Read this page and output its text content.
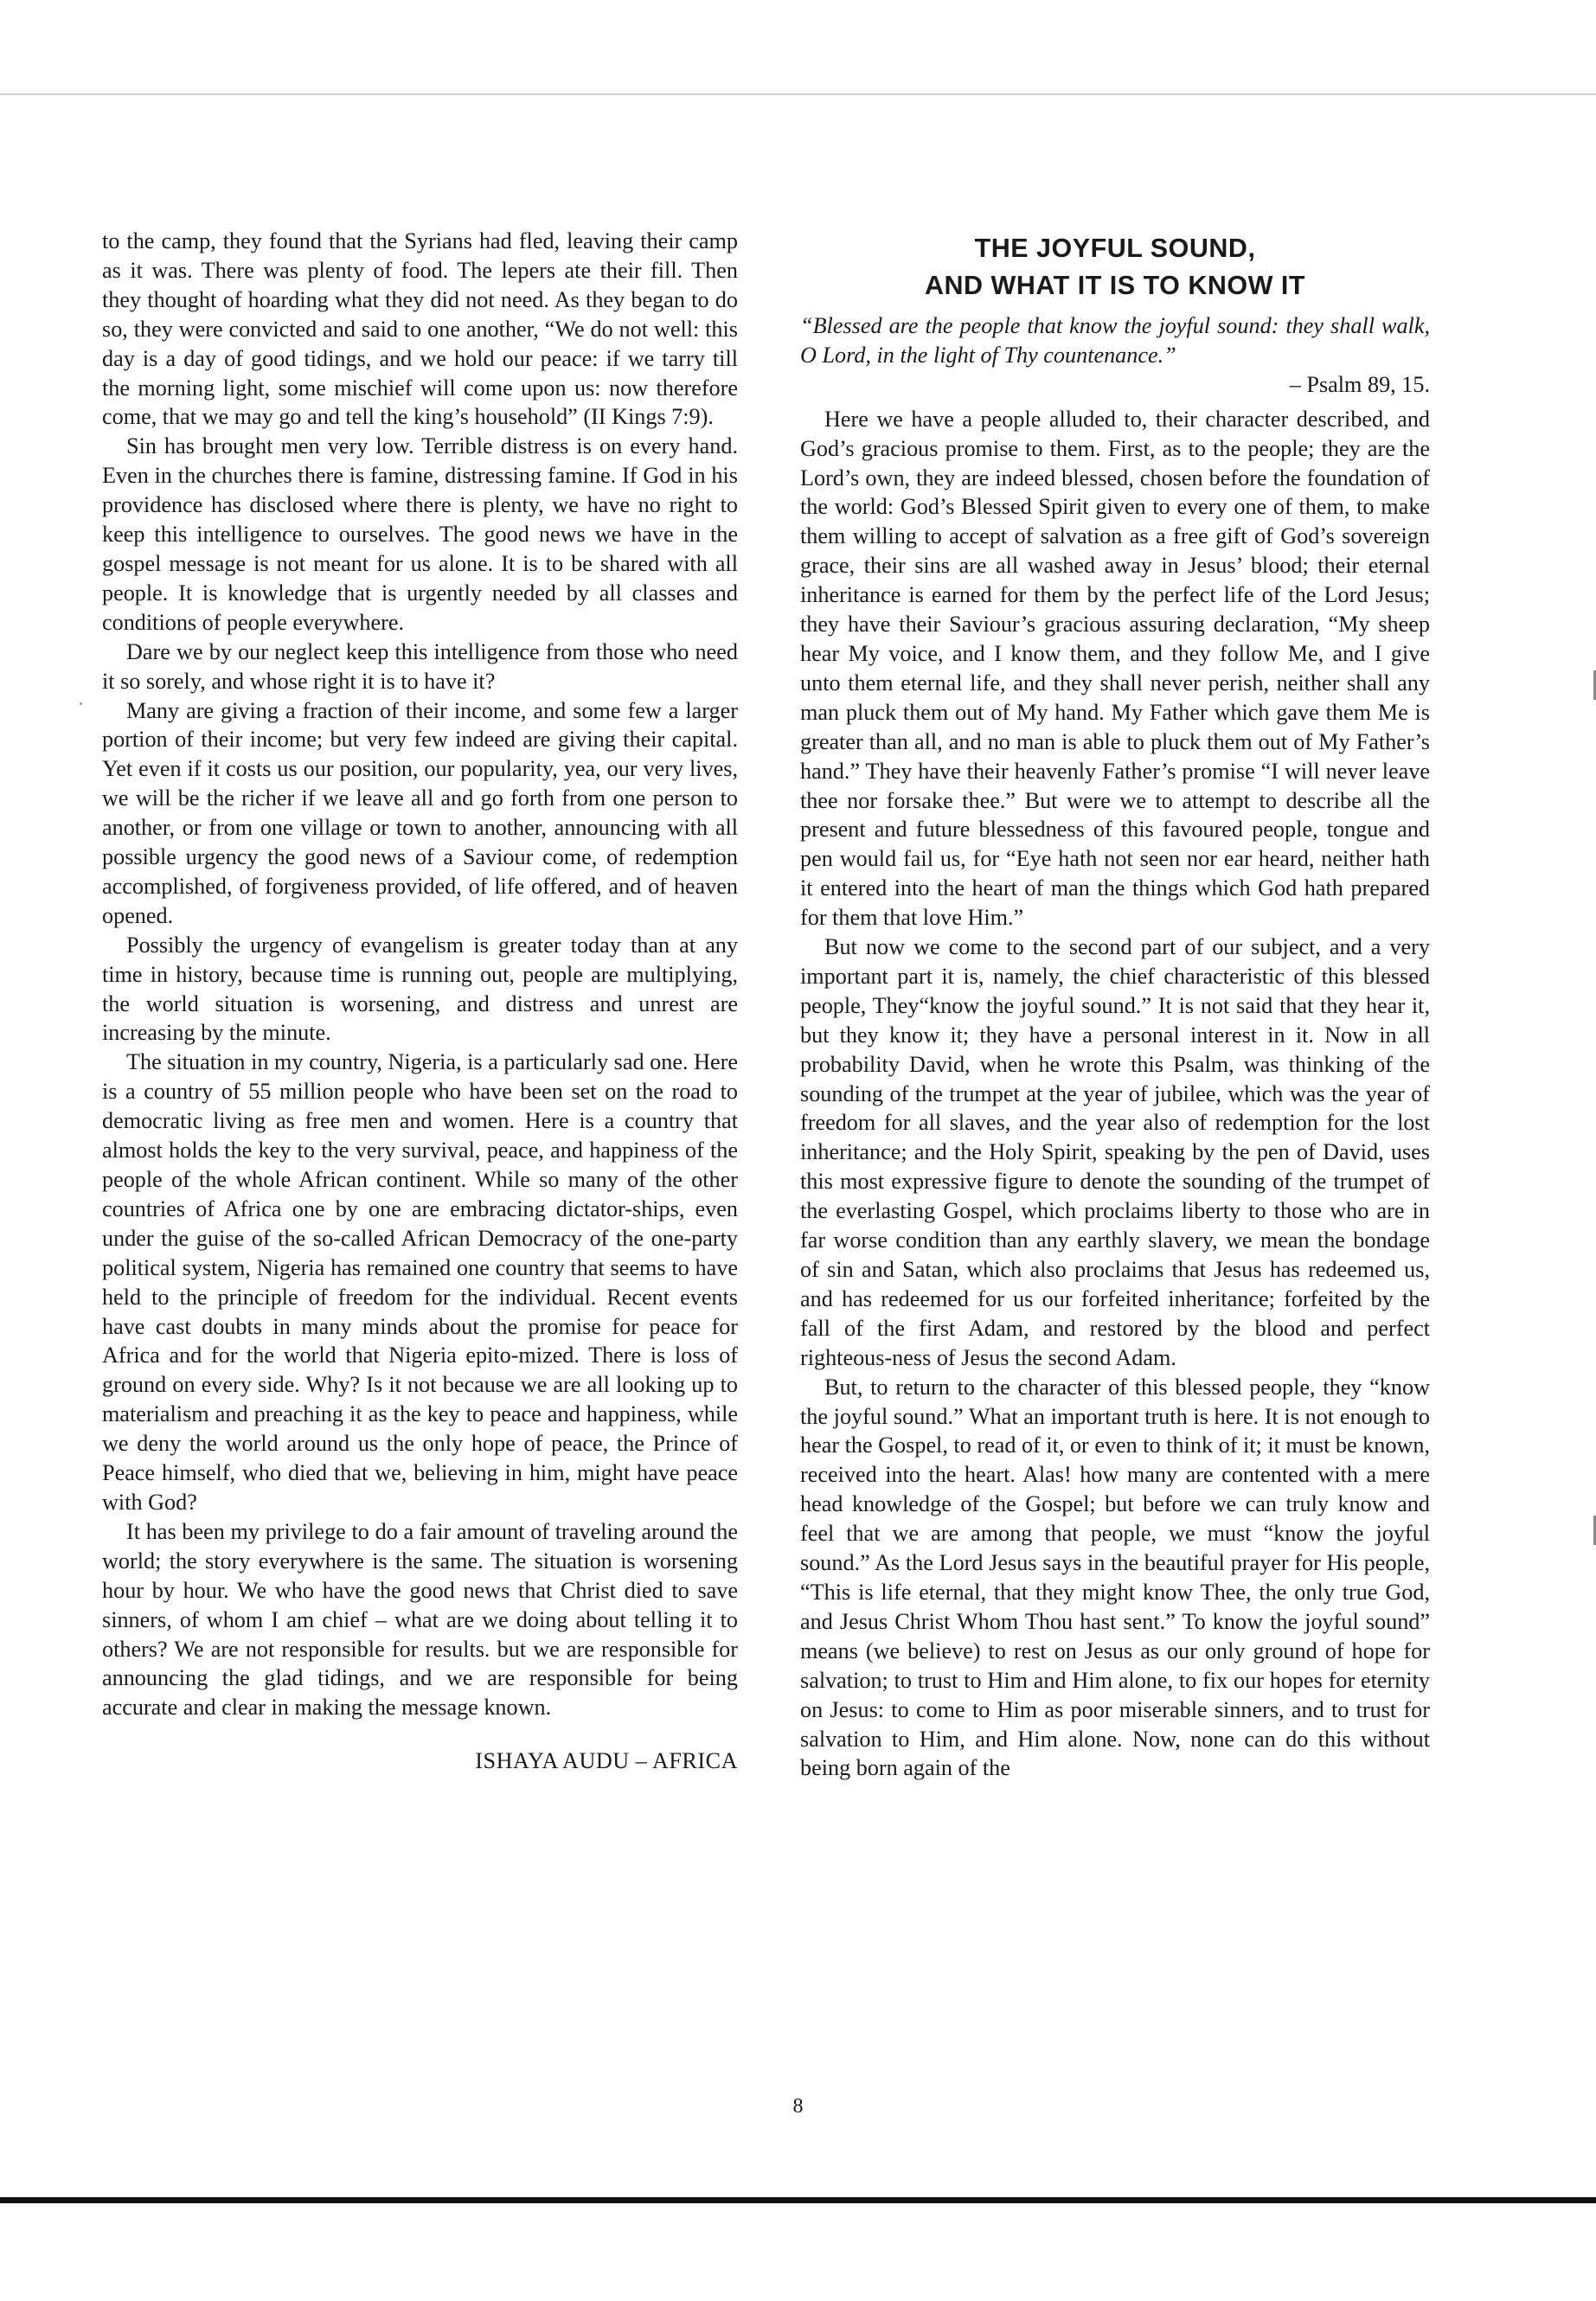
to the camp, they found that the Syrians had fled, leaving their camp as it was. There was plenty of food. The lepers ate their fill. Then they thought of hoarding what they did not need. As they began to do so, they were convicted and said to one another, “We do not well: this day is a day of good tidings, and we hold our peace: if we tarry till the morning light, some mischief will come upon us: now therefore come, that we may go and tell the king’s household” (II Kings 7:9).

Sin has brought men very low. Terrible distress is on every hand. Even in the churches there is famine, distressing famine. If God in his providence has disclosed where there is plenty, we have no right to keep this intelligence to ourselves. The good news we have in the gospel message is not meant for us alone. It is to be shared with all people. It is knowledge that is urgently needed by all classes and conditions of people everywhere.

Dare we by our neglect keep this intelligence from those who need it so sorely, and whose right it is to have it?

Many are giving a fraction of their income, and some few a larger portion of their income; but very few indeed are giving their capital. Yet even if it costs us our position, our popularity, yea, our very lives, we will be the richer if we leave all and go forth from one person to another, or from one village or town to another, announcing with all possible urgency the good news of a Saviour come, of redemption accomplished, of forgiveness provided, of life offered, and of heaven opened.

Possibly the urgency of evangelism is greater today than at any time in history, because time is running out, people are multiplying, the world situation is worsening, and distress and unrest are increasing by the minute.

The situation in my country, Nigeria, is a particularly sad one. Here is a country of 55 million people who have been set on the road to democratic living as free men and women. Here is a country that almost holds the key to the very survival, peace, and happiness of the people of the whole African continent. While so many of the other countries of Africa one by one are embracing dictator-ships, even under the guise of the so-called African Democracy of the one-party political system, Nigeria has remained one country that seems to have held to the principle of freedom for the individual. Recent events have cast doubts in many minds about the promise for peace for Africa and for the world that Nigeria epito-mized. There is loss of ground on every side. Why? Is it not because we are all looking up to materialism and preaching it as the key to peace and happiness, while we deny the world around us the only hope of peace, the Prince of Peace himself, who died that we, believing in him, might have peace with God?

It has been my privilege to do a fair amount of traveling around the world; the story everywhere is the same. The situation is worsening hour by hour. We who have the good news that Christ died to save sinners, of whom I am chief – what are we doing about telling it to others? We are not responsible for results. but we are responsible for announcing the glad tidings, and we are responsible for being accurate and clear in making the message known.

ISHAYA AUDU – AFRICA

THE JOYFUL SOUND,
AND WHAT IT IS TO KNOW IT

“Blessed are the people that know the joyful sound: they shall walk, O Lord, in the light of Thy countenance.”

– Psalm 89, 15.

Here we have a people alluded to, their character described, and God’s gracious promise to them. First, as to the people; they are the Lord’s own, they are indeed blessed, chosen before the foundation of the world: God’s Blessed Spirit given to every one of them, to make them willing to accept of salvation as a free gift of God’s sovereign grace, their sins are all washed away in Jesus’ blood; their eternal inheritance is earned for them by the perfect life of the Lord Jesus; they have their Saviour’s gracious assuring declaration, “My sheep hear My voice, and I know them, and they follow Me, and I give unto them eternal life, and they shall never perish, neither shall any man pluck them out of My hand. My Father which gave them Me is greater than all, and no man is able to pluck them out of My Father’s hand.” They have their heavenly Father’s promise “I will never leave thee nor forsake thee.” But were we to attempt to describe all the present and future blessedness of this favoured people, tongue and pen would fail us, for “Eye hath not seen nor ear heard, neither hath it entered into the heart of man the things which God hath prepared for them that love Him.”

But now we come to the second part of our subject, and a very important part it is, namely, the chief characteristic of this blessed people, They“know the joyful sound.” It is not said that they hear it, but they know it; they have a personal interest in it. Now in all probability David, when he wrote this Psalm, was thinking of the sounding of the trumpet at the year of jubilee, which was the year of freedom for all slaves, and the year also of redemption for the lost inheritance; and the Holy Spirit, speaking by the pen of David, uses this most expressive figure to denote the sounding of the trumpet of the everlasting Gospel, which proclaims liberty to those who are in far worse condition than any earthly slavery, we mean the bondage of sin and Satan, which also proclaims that Jesus has redeemed us, and has redeemed for us our forfeited inheritance; forfeited by the fall of the first Adam, and restored by the blood and perfect righteous-ness of Jesus the second Adam.

But, to return to the character of this blessed people, they “know the joyful sound.” What an important truth is here. It is not enough to hear the Gospel, to read of it, or even to think of it; it must be known, received into the heart. Alas! how many are contented with a mere head knowledge of the Gospel; but before we can truly know and feel that we are among that people, we must “know the joyful sound.” As the Lord Jesus says in the beautiful prayer for His people, “This is life eternal, that they might know Thee, the only true God, and Jesus Christ Whom Thou hast sent.” To know the joyful sound” means (we believe) to rest on Jesus as our only ground of hope for salvation; to trust to Him and Him alone, to fix our hopes for eternity on Jesus: to come to Him as poor miserable sinners, and to trust for salvation to Him, and Him alone. Now, none can do this without being born again of the

8
